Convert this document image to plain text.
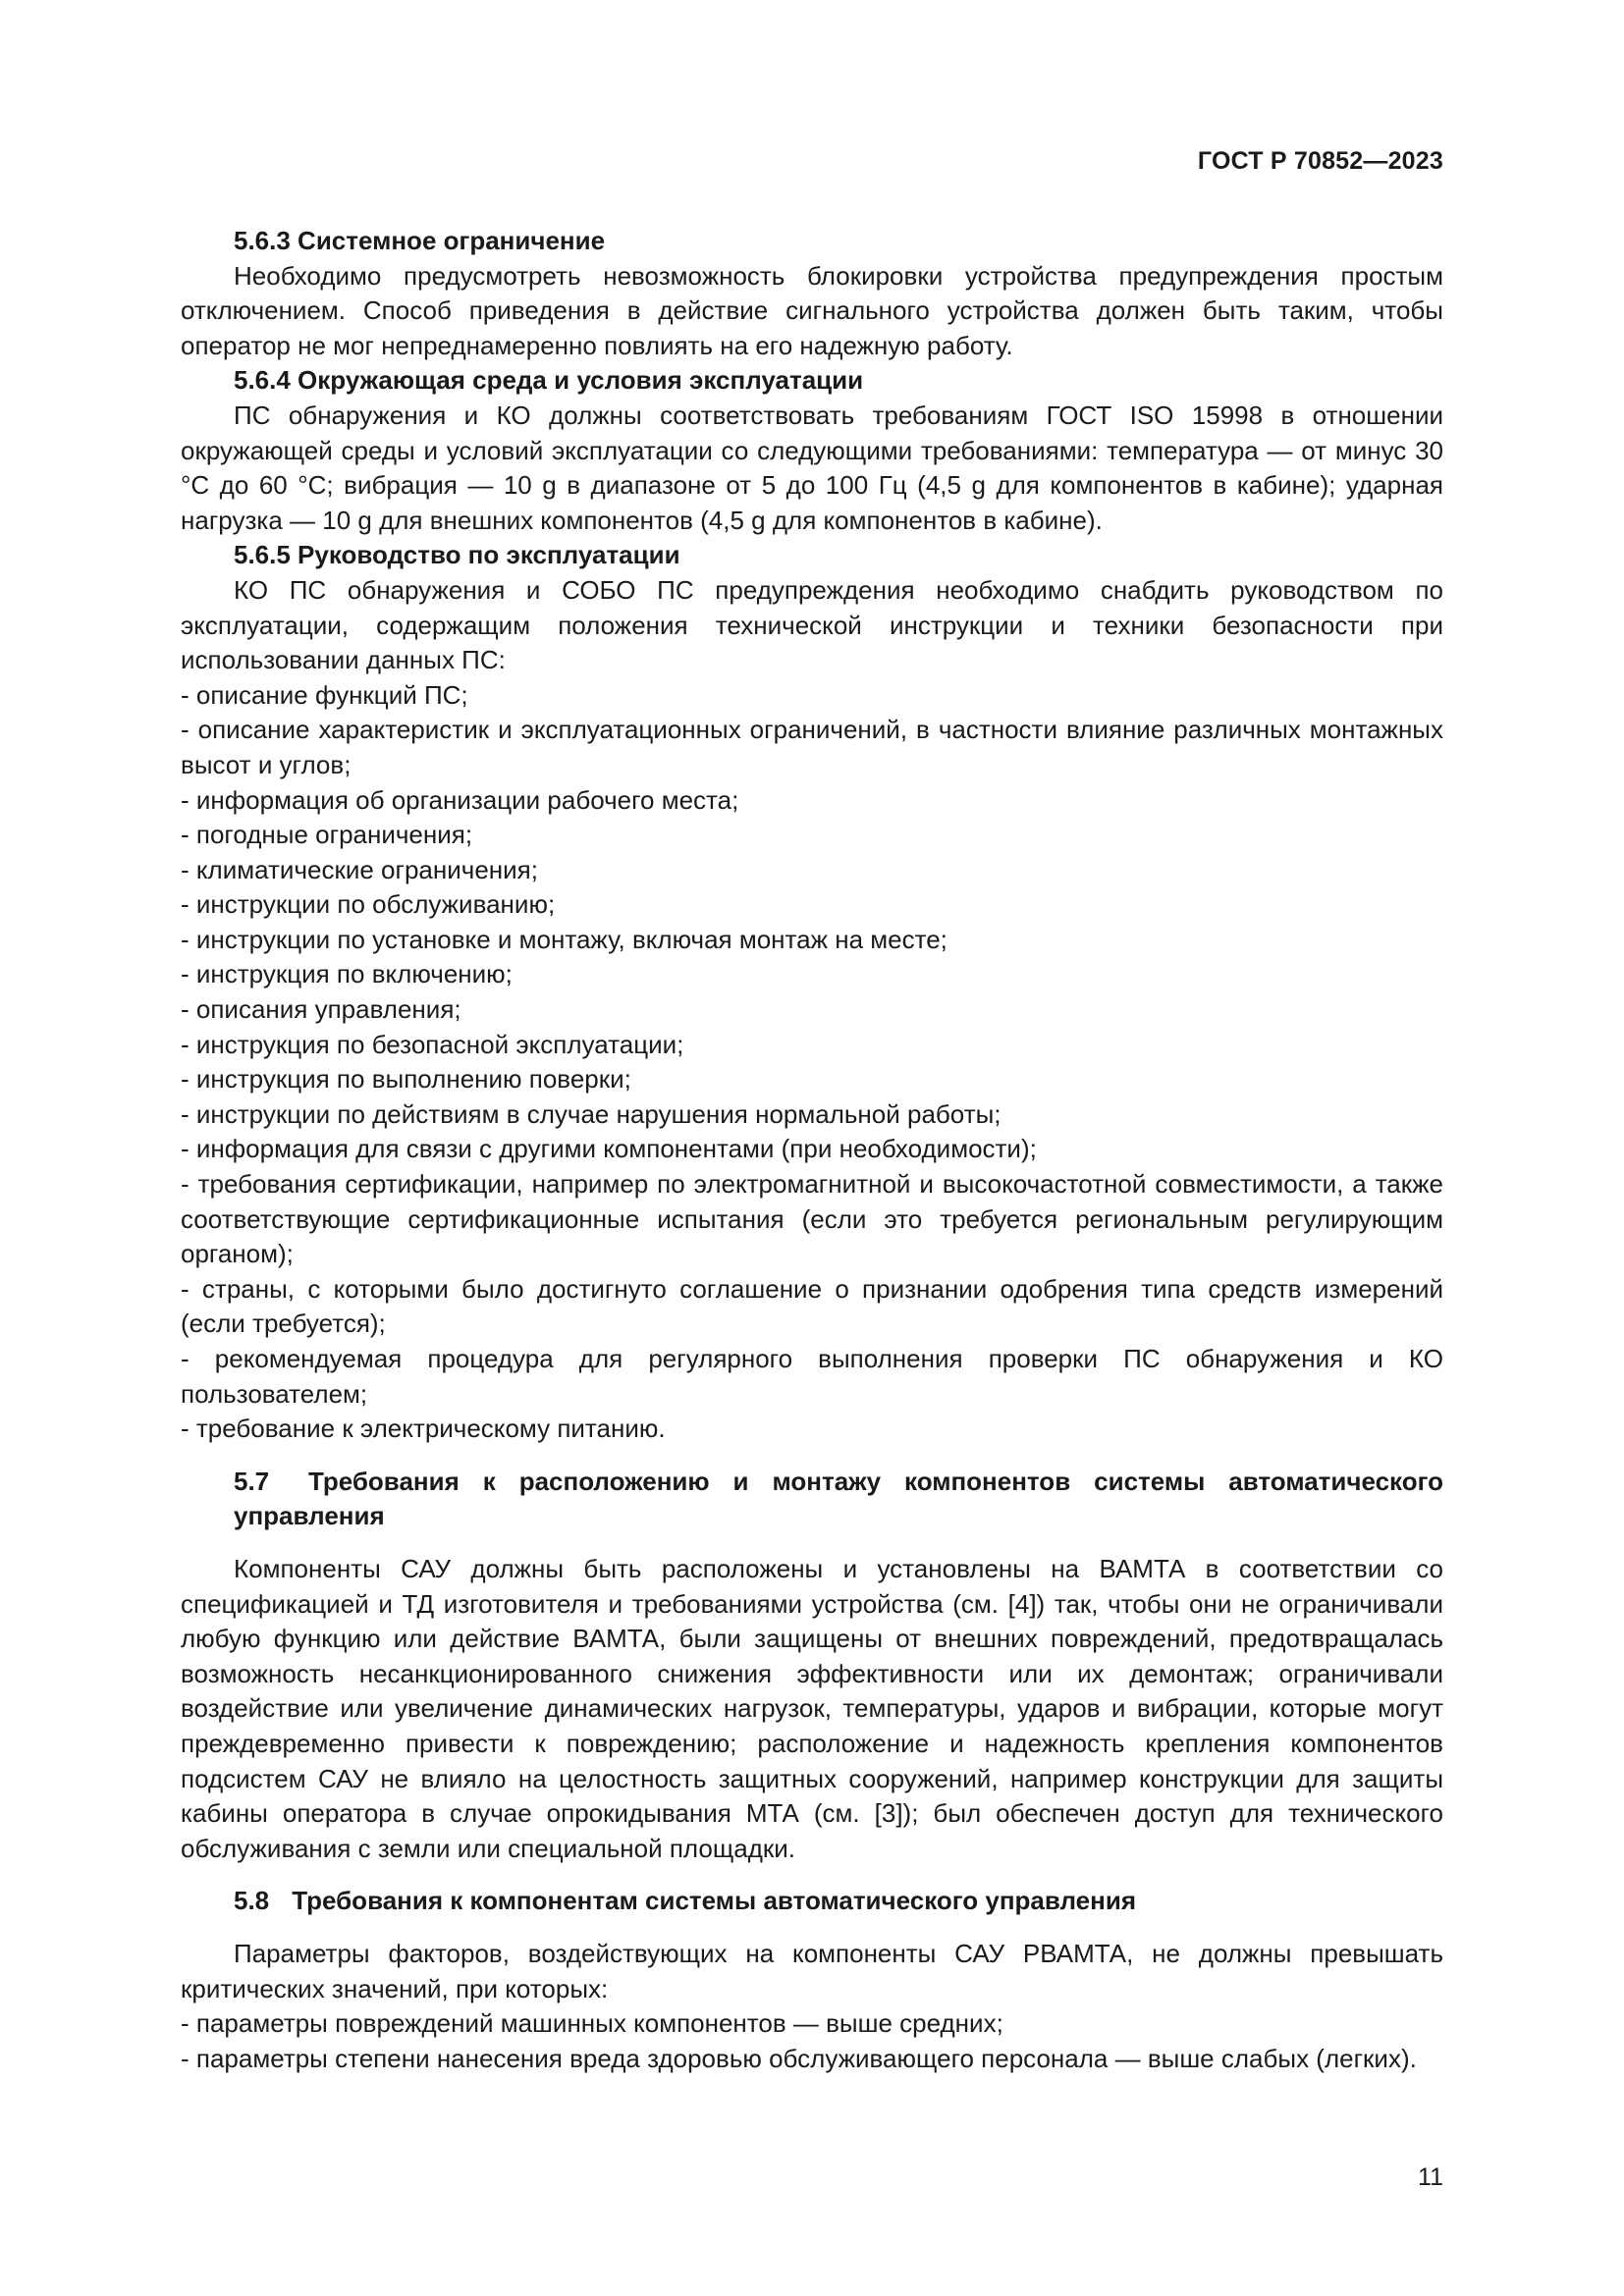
ГОСТ Р 70852—2023

5.6.3 Системное ограничение

Необходимо предусмотреть невозможность блокировки устройства предупреждения простым отключением. Способ приведения в действие сигнального устройства должен быть таким, чтобы оператор не мог непреднамеренно повлиять на его надежную работу.

5.6.4 Окружающая среда и условия эксплуатации

ПС обнаружения и КО должны соответствовать требованиям ГОСТ ISO 15998 в отношении окружающей среды и условий эксплуатации со следующими требованиями: температура — от минус 30 °С до 60 °С; вибрация — 10 g в диапазоне от 5 до 100 Гц (4,5 g для компонентов в кабине); ударная нагрузка — 10 g для внешних компонентов (4,5 g для компонентов в кабине).

5.6.5 Руководство по эксплуатации

КО ПС обнаружения и СОБО ПС предупреждения необходимо снабдить руководством по эксплуатации, содержащим положения технической инструкции и техники безопасности при использовании данных ПС:

- описание функций ПС;

- описание характеристик и эксплуатационных ограничений, в частности влияние различных монтажных высот и углов;

- информация об организации рабочего места;

- погодные ограничения;

- климатические ограничения;

- инструкции по обслуживанию;

- инструкции по установке и монтажу, включая монтаж на месте;

- инструкция по включению;

- описания управления;

- инструкция по безопасной эксплуатации;

- инструкция по выполнению поверки;

- инструкции по действиям в случае нарушения нормальной работы;

- информация для связи с другими компонентами (при необходимости);

- требования сертификации, например по электромагнитной и высокочастотной совместимости, а также соответствующие сертификационные испытания (если это требуется региональным регулирующим органом);

- страны, с которыми было достигнуто соглашение о признании одобрения типа средств измерений (если требуется);

- рекомендуемая процедура для регулярного выполнения проверки ПС обнаружения и КО пользователем;

- требование к электрическому питанию.

5.7 Требования к расположению и монтажу компонентов системы автоматического управления

Компоненты САУ должны быть расположены и установлены на ВАМТА в соответствии со спецификацией и ТД изготовителя и требованиями устройства (см. [4]) так, чтобы они не ограничивали любую функцию или действие ВАМТА, были защищены от внешних повреждений, предотвращалась возможность несанкционированного снижения эффективности или их демонтаж; ограничивали воздействие или увеличение динамических нагрузок, температуры, ударов и вибрации, которые могут преждевременно привести к повреждению; расположение и надежность крепления компонентов подсистем САУ не влияло на целостность защитных сооружений, например конструкции для защиты кабины оператора в случае опрокидывания МТА (см. [3]); был обеспечен доступ для технического обслуживания с земли или специальной площадки.

5.8 Требования к компонентам системы автоматического управления

Параметры факторов, воздействующих на компоненты САУ РВАМТА, не должны превышать критических значений, при которых:

- параметры повреждений машинных компонентов — выше средних;

- параметры степени нанесения вреда здоровью обслуживающего персонала — выше слабых (легких).

11
